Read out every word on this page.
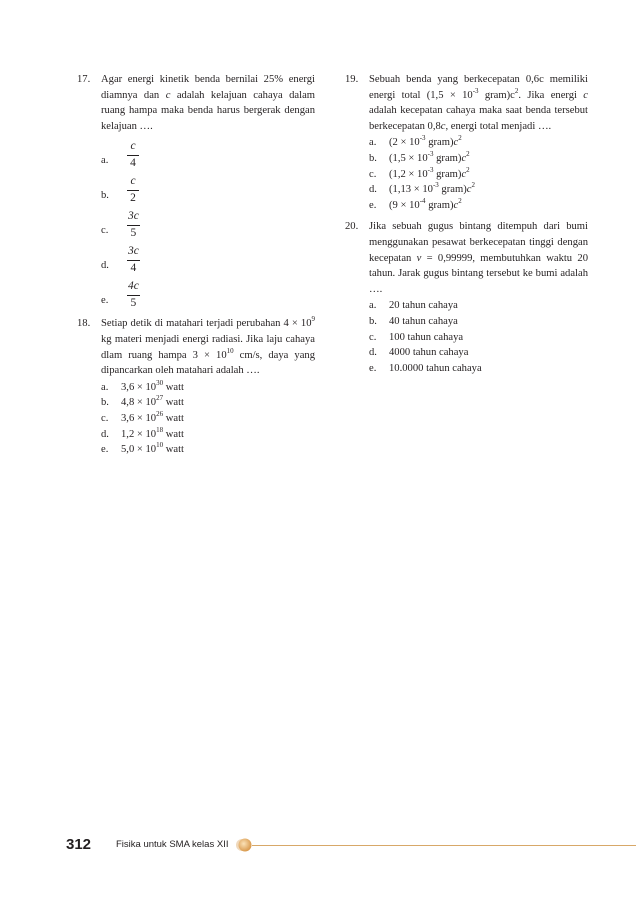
17. Agar energi kinetik benda bernilai 25% energi diamnya dan c adalah kelajuan cahaya dalam ruang hampa maka benda harus bergerak dengan kelajuan ….
a.	$\frac{c}{4}$
b.	$\frac{c}{2}$
c.	$\frac{3c}{5}$
d.	$\frac{3c}{4}$
e.	$\frac{4c}{5}$
18. Setiap detik di matahari terjadi perubahan $4 \times 10^9$ kg materi menjadi energi radiasi. Jika laju cahaya dlam ruang hampa $3 \times 10^{10}$ cm/s, daya yang dipancarkan oleh matahari adalah ….
a.	$3,6 \times 10^{30}$ watt
b.	$4,8 \times 10^{27}$ watt
c.	$3,6 \times 10^{26}$ watt
d.	$1,2 \times 10^{18}$ watt
e.	$5,0 \times 10^{10}$ watt
19. Sebuah benda yang berkecepatan 0,6c memiliki energi total ($1,5 \times 10^{-3}$ $gram)c^2$. Jika energi c adalah kecepatan cahaya maka saat benda tersebut berkecepatan 0,8c, energi total menjadi ….
a.	($2 \times 10^{-3}$ $gram)c^2$
b.	($1,5 \times 10^{-3}$ $gram)c^2$
c.	($1,2 \times 10^{-3}$ $gram)c^2$
d.	($1,13 \times 10^{-3}$ $gram)c^2$
e.	($9 \times 10^{-4}$ $gram)c^2$
20. Jika sebuah gugus bintang ditempuh dari bumi menggunakan pesawat berkecepatan tinggi dengan kecepatan v = 0,99999, membutuhkan waktu 20 tahun. Jarak gugus bintang tersebut ke bumi adalah ….
a.	20 tahun cahaya
b.	40 tahun cahaya
c.	100 tahun cahaya
d.	4000 tahun cahaya
e.	10.0000 tahun cahaya
312	Fisika untuk SMA kelas XII
